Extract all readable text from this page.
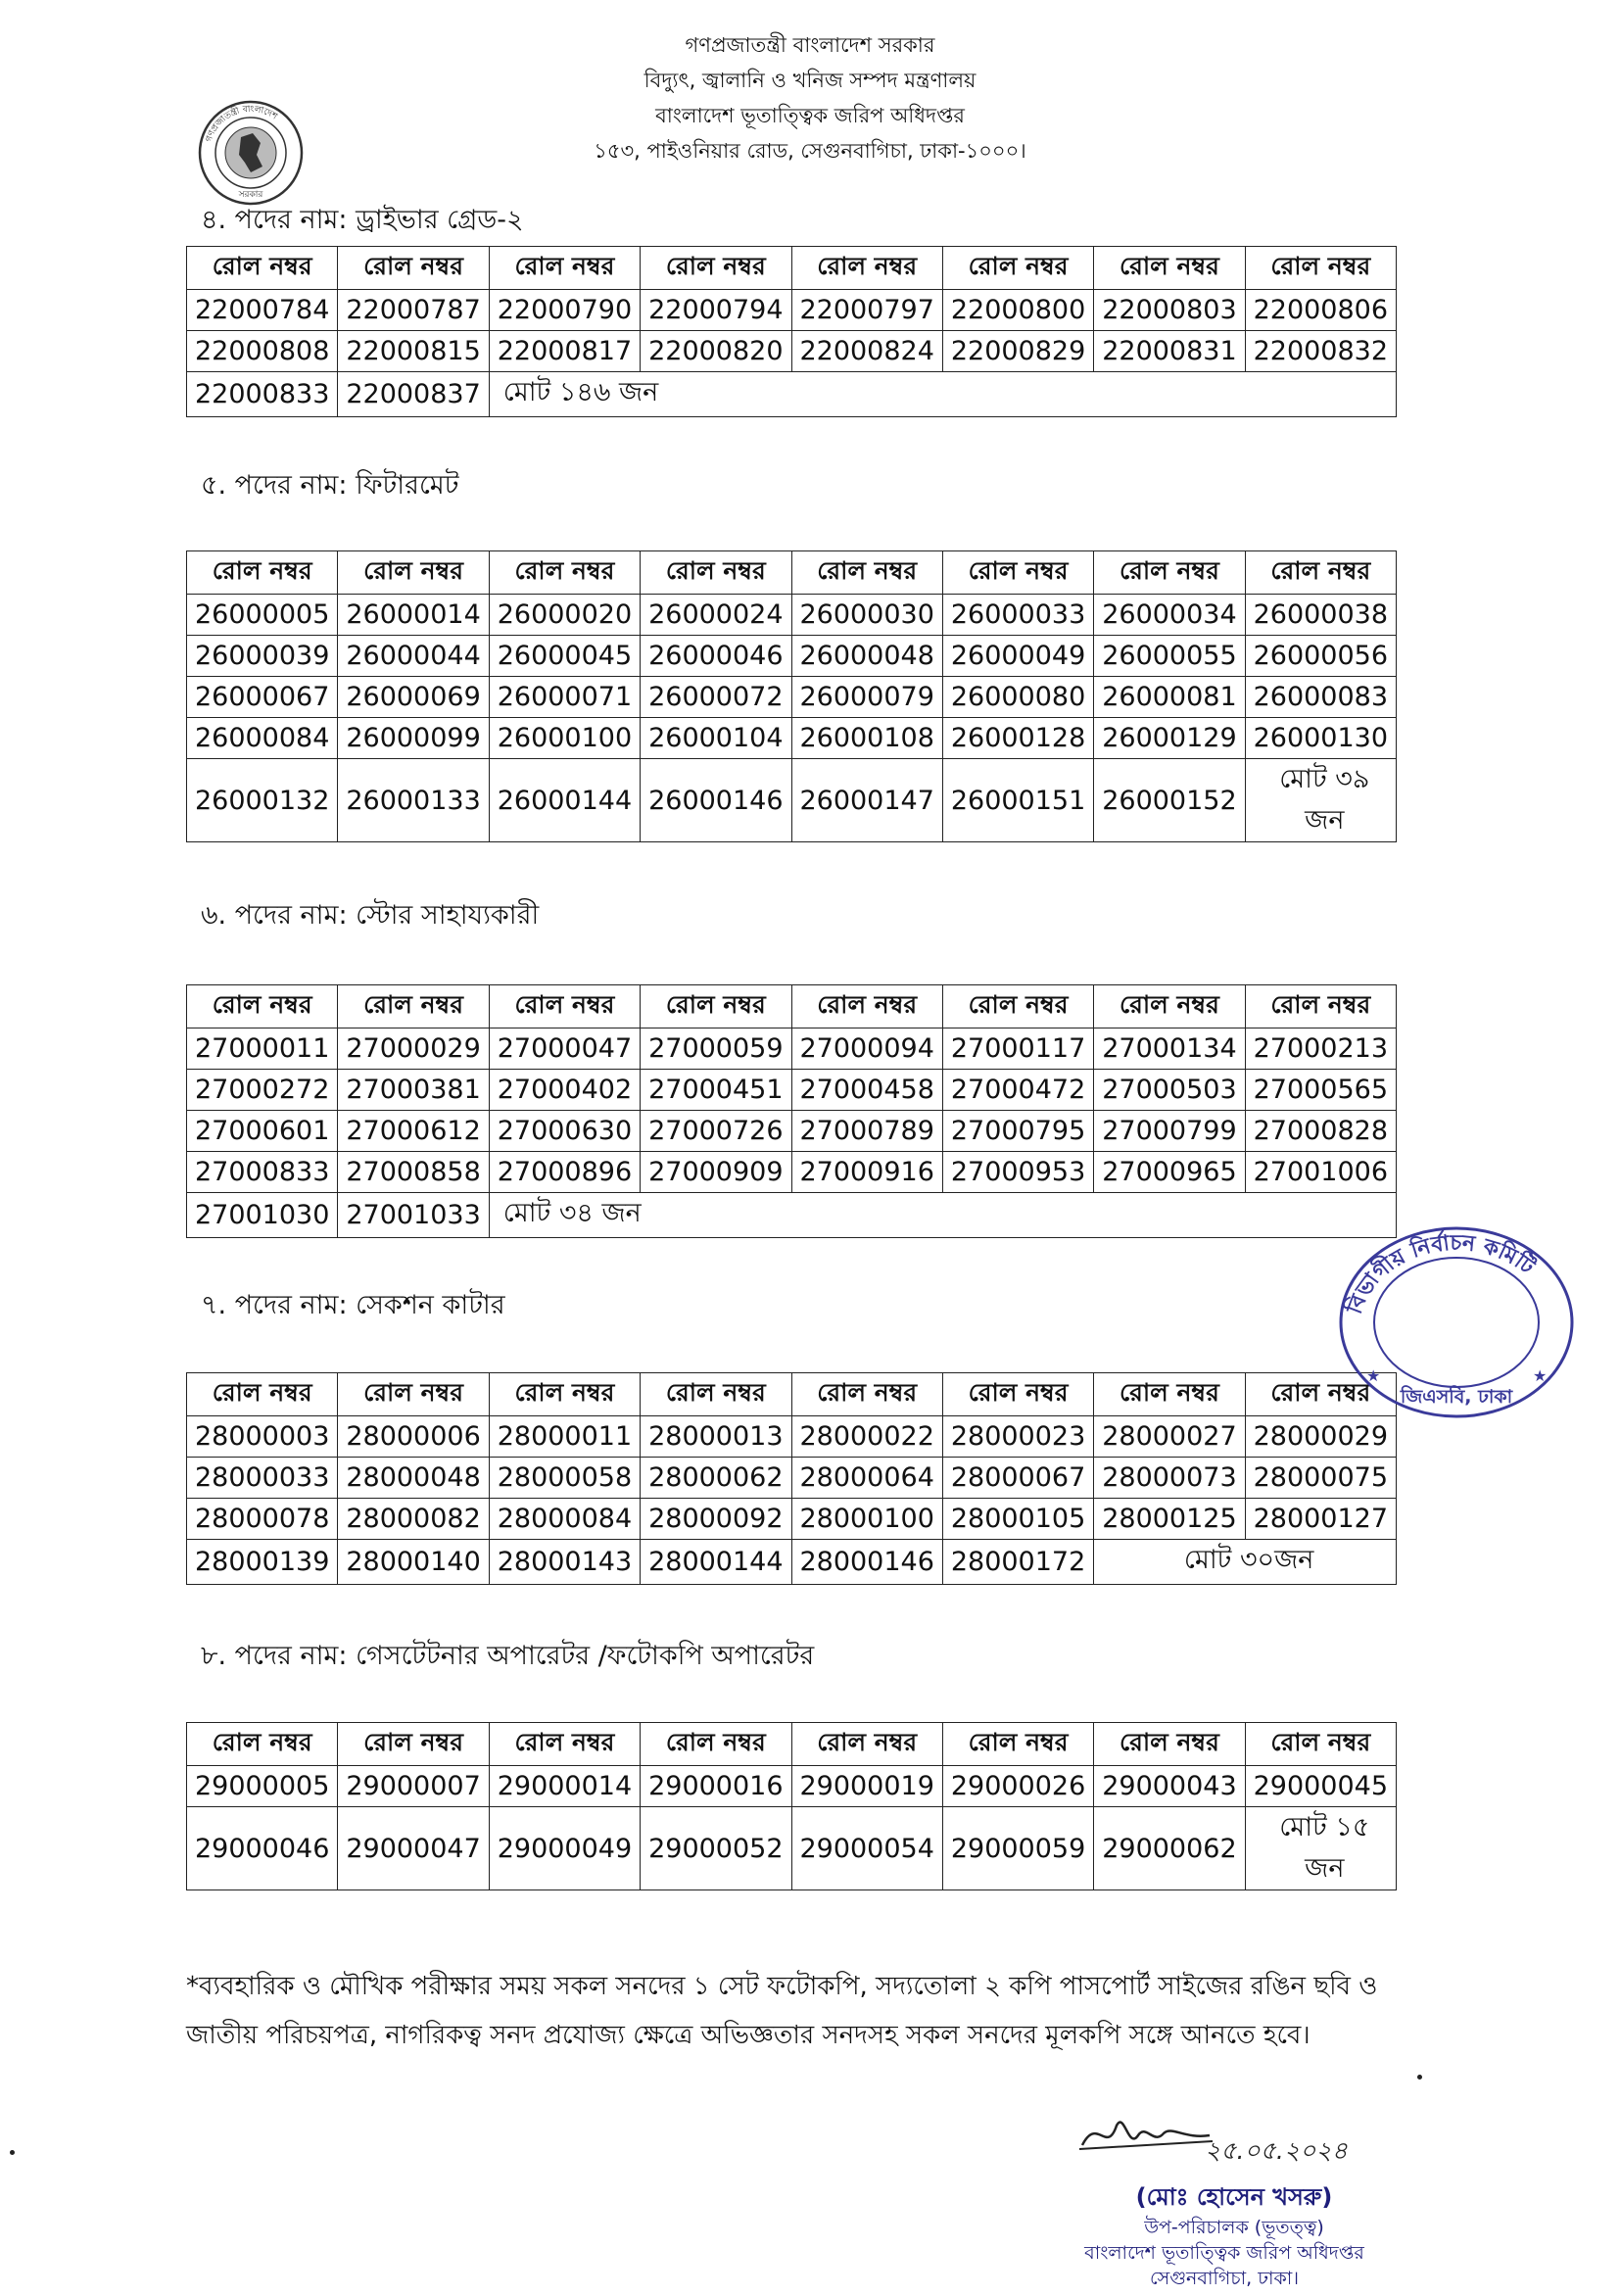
গণপ্রজাতন্ত্রী বাংলাদেশ সরকার
বিদ্যুৎ, জ্বালানি ও খনিজ সম্পদ মন্ত্রণালয়
বাংলাদেশ ভূতাত্ত্বিক জরিপ অধিদপ্তর
১৫৩, পাইওনিয়ার রোড, সেগুনবাগিচা, ঢাকা-১০০০।
গণপ্রজাতন্ত্রী বাংলাদেশ
সরকার
৪. পদের নাম: ড্রাইভার গ্রেড-২
৫. পদের নাম: ফিটারমেট
৬. পদের নাম: স্টোর সাহায্যকারী
৭. পদের নাম: সেকশন কাটার
৮. পদের নাম: গেসটেটনার অপারেটর /ফটোকপি অপারেটর
রোল নম্বর	রোল নম্বর	রোল নম্বর	রোল নম্বর	রোল নম্বর	রোল নম্বর	রোল নম্বর	রোল নম্বর
22000784	22000787	22000790	22000794	22000797	22000800	22000803	22000806
22000808	22000815	22000817	22000820	22000824	22000829	22000831	22000832
22000833	22000837	মোট ১৪৬ জন					
রোল নম্বর	রোল নম্বর	রোল নম্বর	রোল নম্বর	রোল নম্বর	রোল নম্বর	রোল নম্বর	রোল নম্বর
26000005	26000014	26000020	26000024	26000030	26000033	26000034	26000038
26000039	26000044	26000045	26000046	26000048	26000049	26000055	26000056
26000067	26000069	26000071	26000072	26000079	26000080	26000081	26000083
26000084	26000099	26000100	26000104	26000108	26000128	26000129	26000130
26000132	26000133	26000144	26000146	26000147	26000151	26000152	মোট ৩৯ জন
রোল নম্বর	রোল নম্বর	রোল নম্বর	রোল নম্বর	রোল নম্বর	রোল নম্বর	রোল নম্বর	রোল নম্বর
27000011	27000029	27000047	27000059	27000094	27000117	27000134	27000213
27000272	27000381	27000402	27000451	27000458	27000472	27000503	27000565
27000601	27000612	27000630	27000726	27000789	27000795	27000799	27000828
27000833	27000858	27000896	27000909	27000916	27000953	27000965	27001006
27001030	27001033	মোট ৩৪ জন					
রোল নম্বর	রোল নম্বর	রোল নম্বর	রোল নম্বর	রোল নম্বর	রোল নম্বর	রোল নম্বর	রোল নম্বর
28000003	28000006	28000011	28000013	28000022	28000023	28000027	28000029
28000033	28000048	28000058	28000062	28000064	28000067	28000073	28000075
28000078	28000082	28000084	28000092	28000100	28000105	28000125	28000127
28000139	28000140	28000143	28000144	28000146	28000172	মোট ৩০জন	
রোল নম্বর	রোল নম্বর	রোল নম্বর	রোল নম্বর	রোল নম্বর	রোল নম্বর	রোল নম্বর	রোল নম্বর
29000005	29000007	29000014	29000016	29000019	29000026	29000043	29000045
29000046	29000047	29000049	29000052	29000054	29000059	29000062	মোট ১৫ জন
*ব্যবহারিক ও মৌখিক পরীক্ষার সময় সকল সনদের ১ সেট ফটোকপি, সদ্যতোলা ২ কপি পাসপোর্ট সাইজের রঙিন ছবি ও জাতীয় পরিচয়পত্র, নাগরিকত্ব সনদ প্রযোজ্য ক্ষেত্রে অভিজ্ঞতার সনদসহ সকল সনদের মূলকপি সঙ্গে আনতে হবে।
বিভাগীয় নির্বাচন কমিটি
জিএসবি, ঢাকা
★	★
২৫.০৫.২০২৪
(মোঃ হোসেন খসরু)
উপ-পরিচালক (ভূতত্ত্ব)
বাংলাদেশ ভূতাত্ত্বিক জরিপ অধিদপ্তর
সেগুনবাগিচা, ঢাকা।
